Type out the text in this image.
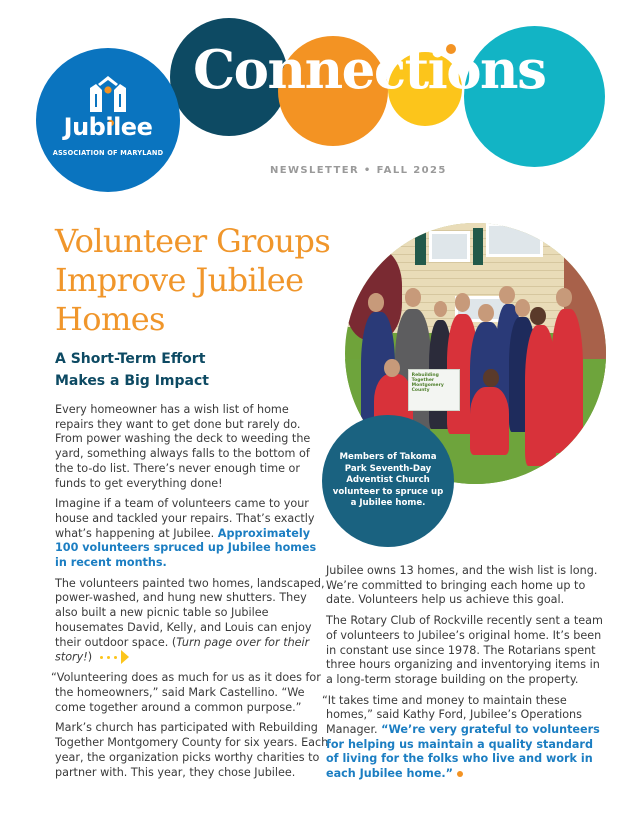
Connections
Jubilee
ASSOCIATION OF MARYLAND
NEWSLETTER • FALL 2025
Volunteer Groups Improve Jubilee Homes
A Short-Term Effort
Makes a Big Impact

Every homeowner has a wish list of home repairs they want to get done but rarely do. From power washing the deck to weeding the yard, something always falls to the bottom of the to-do list. There’s never enough time or funds to get everything done!

Imagine if a team of volunteers came to your house and tackled your repairs. That’s exactly what’s happening at Jubilee. Approximately 100 volunteers spruced up Jubilee homes in recent months.

The volunteers painted two homes, landscaped, power-washed, and hung new shutters. They also built a new picnic table so Jubilee housemates David, Kelly, and Louis can enjoy their outdoor space. (Turn page over for their story!)

“Volunteering does as much for us as it does for the homeowners,” said Mark Castellino. “We come together around a common purpose.”

Mark’s church has participated with Rebuilding Together Montgomery County for six years. Each year, the organization picks worthy charities to partner with. This year, they chose Jubilee.

Jubilee owns 13 homes, and the wish list is long. We’re committed to bringing each home up to date. Volunteers help us achieve this goal.

The Rotary Club of Rockville recently sent a team of volunteers to Jubilee’s original home. It’s been in constant use since 1978. The Rotarians spent three hours organizing and inventorying items in a long-term storage building on the property.

“It takes time and money to maintain these homes,” said Kathy Ford, Jubilee’s Operations Manager. “We’re very grateful to volunteers for helping us maintain a quality standard of living for the folks who live and work in each Jubilee home.”

Rebuilding Together Montgomery County
Members of Takoma Park Seventh-Day Adventist Church volunteer to spruce up a Jubilee home.
